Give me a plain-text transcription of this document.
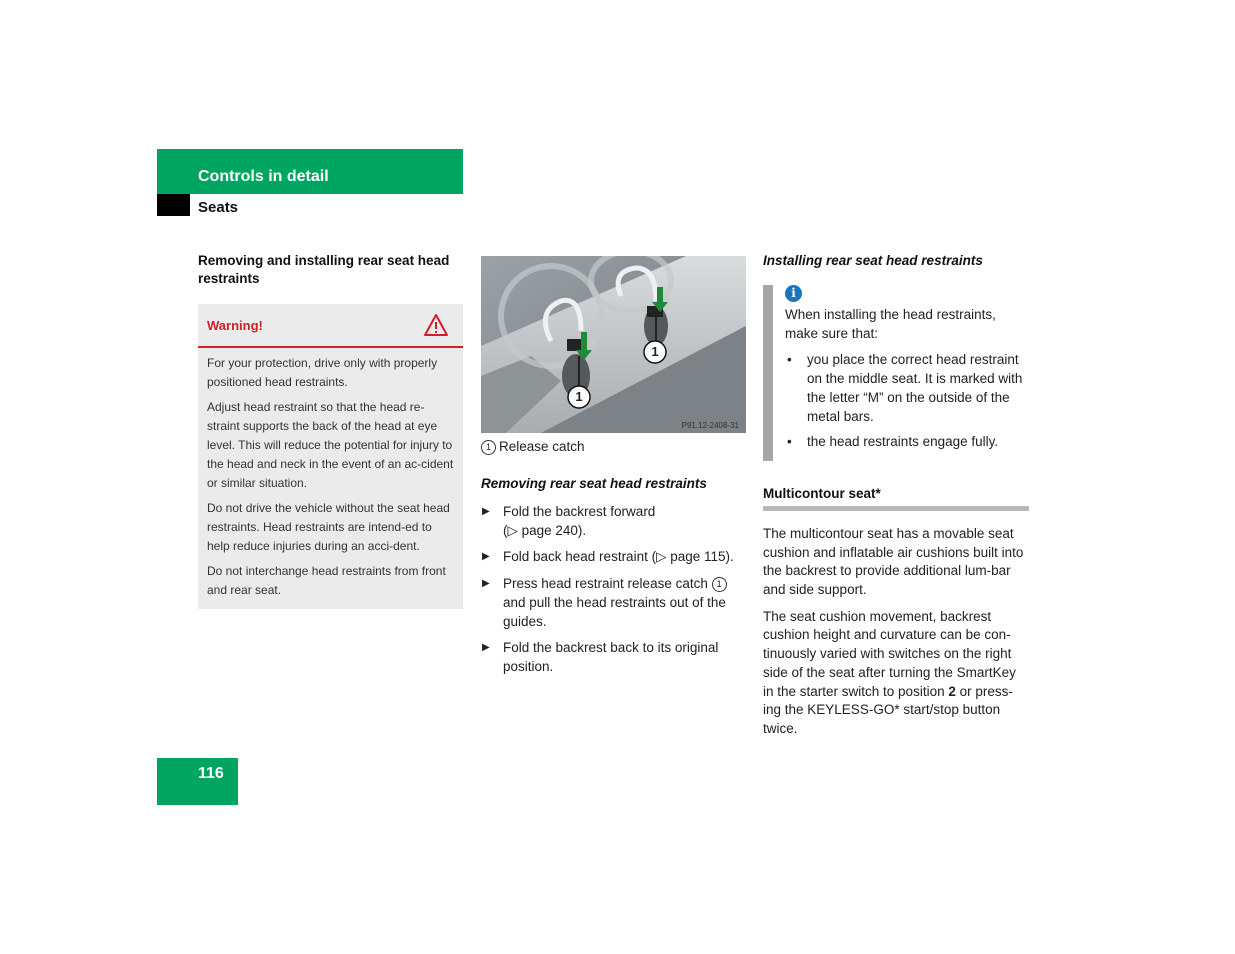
Controls in detail
Seats
Removing and installing rear seat head restraints
Warning!

For your protection, drive only with properly positioned head restraints.

Adjust head restraint so that the head re-straint supports the back of the head at eye level. This will reduce the potential for injury to the head and neck in the event of an ac-cident or similar situation.

Do not drive the vehicle without the seat head restraints. Head restraints are intend-ed to help reduce injuries during an acci-dent.

Do not interchange head restraints from front and rear seat.

1
1
P91.12-2408-31
1 Release catch
Removing rear seat head restraints
▶ Fold the backrest forward
(▷ page 240).
▶ Fold back head restraint (▷ page 115).
▶ Press head restraint release catch 1 and pull the head restraints out of the guides.
▶ Fold the backrest back to its original position.
Installing rear seat head restraints
i

When installing the head restraints, make sure that:

• you place the correct head restraint on the middle seat. It is marked with the letter “M” on the outside of the metal bars.
• the head restraints engage fully.
Multicontour seat*

The multicontour seat has a movable seat cushion and inflatable air cushions built into the backrest to provide additional lum-bar and side support.

The seat cushion movement, backrest cushion height and curvature can be con-tinuously varied with switches on the right side of the seat after turning the SmartKey in the starter switch to position 2 or press-ing the KEYLESS-GO* start/stop button twice.

116
